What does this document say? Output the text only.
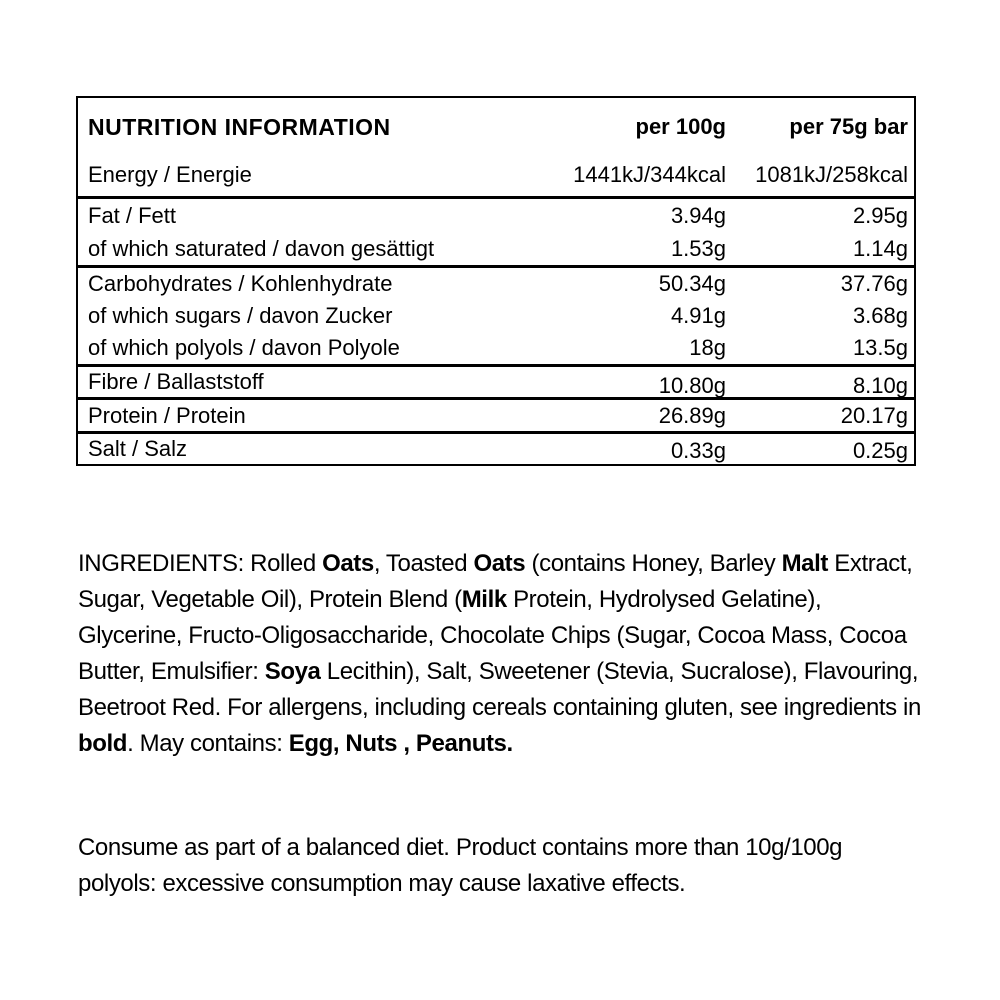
NUTRITION INFORMATION	per 100g	per 75g bar
Energy / Energie	1441kJ/344kcal	1081kJ/258kcal
Fat / Fett	3.94g	2.95g
of which saturated / davon gesättigt	1.53g	1.14g
Carbohydrates / Kohlenhydrate	50.34g	37.76g
of which sugars / davon Zucker	4.91g	3.68g
of which polyols / davon Polyole	18g	13.5g
Fibre / Ballaststoff	10.80g	8.10g
Protein / Protein	26.89g	20.17g
Salt / Salz	0.33g	0.25g

INGREDIENTS: Rolled Oats, Toasted Oats (contains Honey, Barley Malt Extract, Sugar, Vegetable Oil), Protein Blend (Milk Protein, Hydrolysed Gelatine), Glycerine, Fructo-Oligosaccharide, Chocolate Chips (Sugar, Cocoa Mass, Cocoa Butter, Emulsifier: Soya Lecithin), Salt, Sweetener (Stevia, Sucralose), Flavouring, Beetroot Red. For allergens, including cereals containing gluten, see ingredients in bold. May contains: Egg, Nuts , Peanuts.

Consume as part of a balanced diet. Product contains more than 10g/100g polyols: excessive consumption may cause laxative effects.
